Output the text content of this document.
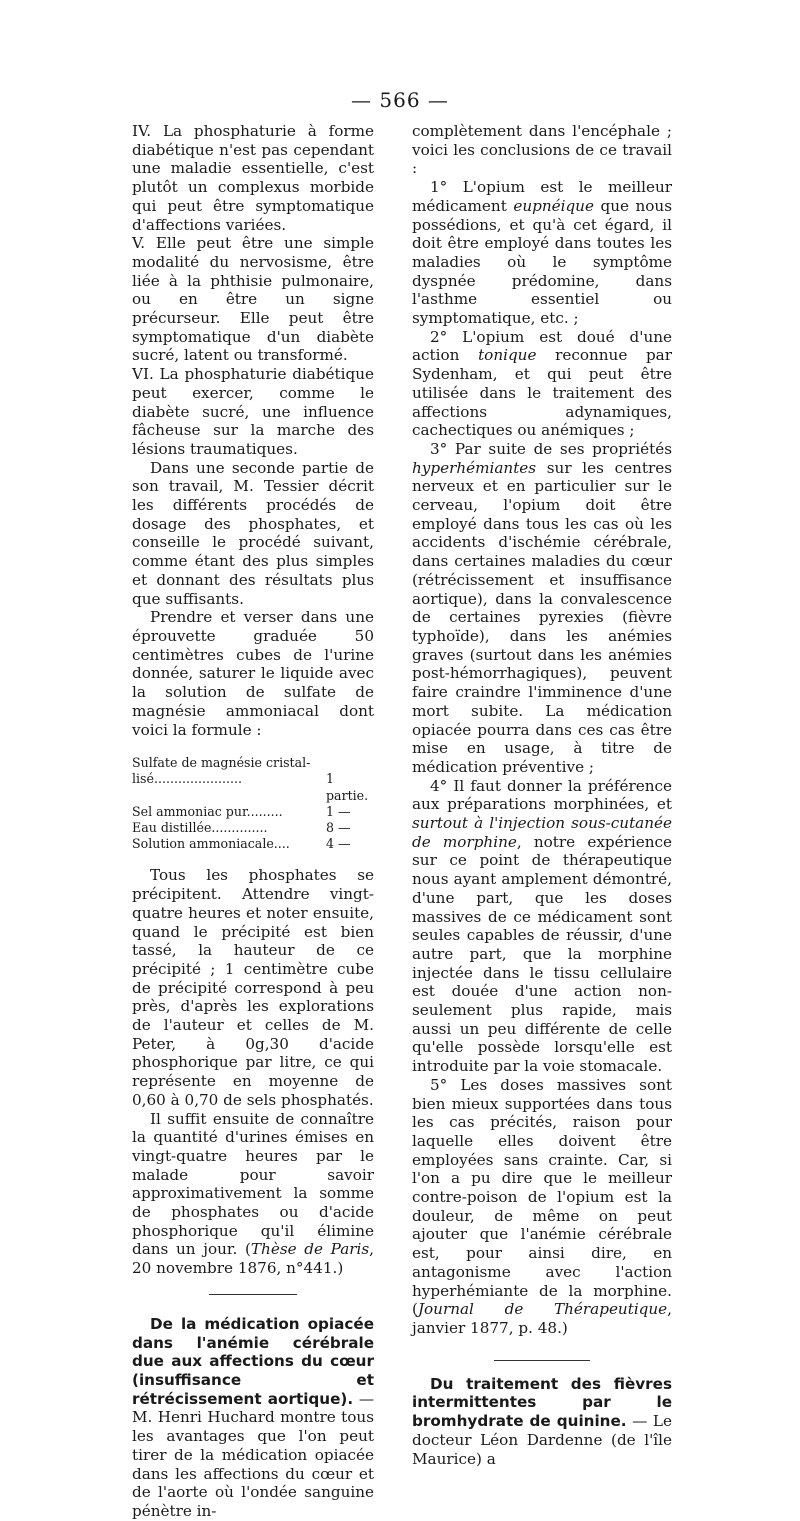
— 566 —

IV. La phosphaturie à forme diabétique n'est pas cependant une maladie essentielle, c'est plutôt un complexus morbide qui peut être symptomatique d'affections variées.

V. Elle peut être une simple modalité du nervosisme, être liée à la phthisie pulmonaire, ou en être un signe précurseur. Elle peut être symptomatique d'un diabète sucré, latent ou transformé.

VI. La phosphaturie diabétique peut exercer, comme le diabète sucré, une influence fâcheuse sur la marche des lésions traumatiques.

Dans une seconde partie de son travail, M. Tessier décrit les différents procédés de dosage des phosphates, et conseille le procédé suivant, comme étant des plus simples et donnant des résultats plus que suffisants.

Prendre et verser dans une éprouvette graduée 50 centimètres cubes de l'urine donnée, saturer le liquide avec la solution de sulfate de magnésie ammoniacal dont voici la formule :

Sulfate de magnésie cristal-
lisé......................	1 partie.
Sel ammoniac pur.........	1 —
Eau distillée..............	8 —
Solution ammoniacale....	4 —

Tous les phosphates se précipitent. Attendre vingt-quatre heures et noter ensuite, quand le précipité est bien tassé, la hauteur de ce précipité ; 1 centimètre cube de précipité correspond à peu près, d'après les explorations de l'auteur et celles de M. Peter, à 0g,30 d'acide phosphorique par litre, ce qui représente en moyenne de 0,60 à 0,70 de sels phosphatés.

Il suffit ensuite de connaître la quantité d'urines émises en vingt-quatre heures par le malade pour savoir approximativement la somme de phosphates ou d'acide phosphorique qu'il élimine dans un jour. (Thèse de Paris, 20 novembre 1876, n°441.)

De la médication opiacée dans l'anémie cérébrale due aux affections du cœur (insuffisance et rétrécissement aortique). — M. Henri Huchard montre tous les avantages que l'on peut tirer de la médication opiacée dans les affections du cœur et de l'aorte où l'ondée sanguine pénètre in-

complètement dans l'encéphale ; voici les conclusions de ce travail :

1° L'opium est le meilleur médicament eupnéique que nous possédions, et qu'à cet égard, il doit être employé dans toutes les maladies où le symptôme dyspnée prédomine, dans l'asthme essentiel ou symptomatique, etc. ;

2° L'opium est doué d'une action tonique reconnue par Sydenham, et qui peut être utilisée dans le traitement des affections adynamiques, cachectiques ou anémiques ;

3° Par suite de ses propriétés hyperhémiantes sur les centres nerveux et en particulier sur le cerveau, l'opium doit être employé dans tous les cas où les accidents d'ischémie cérébrale, dans certaines maladies du cœur (rétrécissement et insuffisance aortique), dans la convalescence de certaines pyrexies (fièvre typhoïde), dans les anémies graves (surtout dans les anémies post-hémorrhagiques), peuvent faire craindre l'imminence d'une mort subite. La médication opiacée pourra dans ces cas être mise en usage, à titre de médication préventive ;

4° Il faut donner la préférence aux préparations morphinées, et surtout à l'injection sous-cutanée de morphine, notre expérience sur ce point de thérapeutique nous ayant amplement démontré, d'une part, que les doses massives de ce médicament sont seules capables de réussir, d'une autre part, que la morphine injectée dans le tissu cellulaire est douée d'une action non-seulement plus rapide, mais aussi un peu différente de celle qu'elle possède lorsqu'elle est introduite par la voie stomacale.

5° Les doses massives sont bien mieux supportées dans tous les cas précités, raison pour laquelle elles doivent être employées sans crainte. Car, si l'on a pu dire que le meilleur contre-poison de l'opium est la douleur, de même on peut ajouter que l'anémie cérébrale est, pour ainsi dire, en antagonisme avec l'action hyperhémiante de la morphine. (Journal de Thérapeutique, janvier 1877, p. 48.)

Du traitement des fièvres intermittentes par le bromhydrate de quinine. — Le docteur Léon Dardenne (de l'île Maurice) a
